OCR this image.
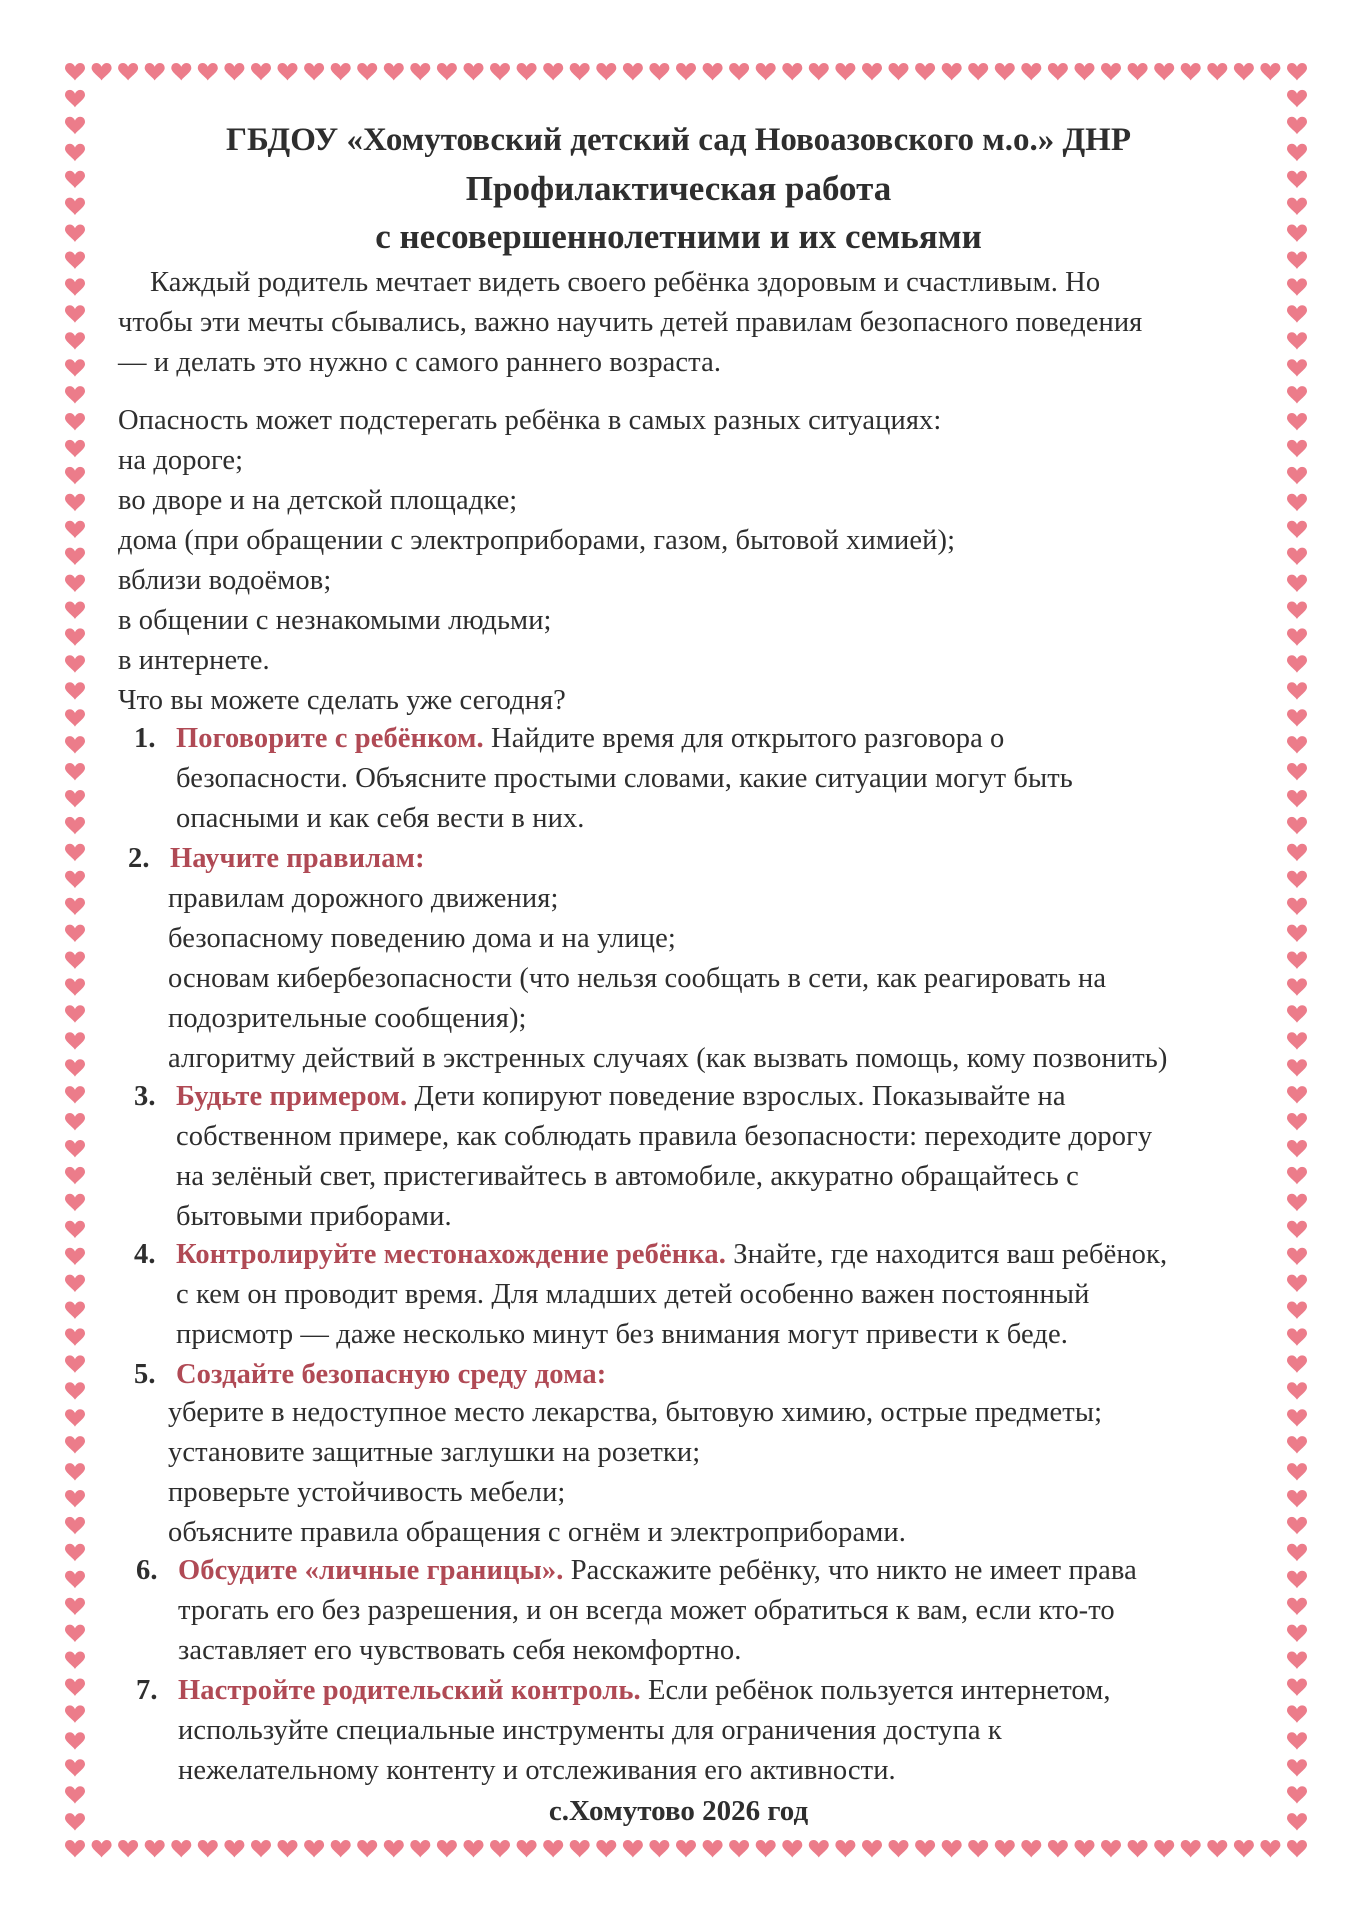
ГБДОУ «Хомутовский детский сад Новоазовского м.о.» ДНР
Профилактическая работа
с несовершеннолетними и их семьями
Каждый родитель мечтает видеть своего ребёнка здоровым и счастливым. Но
чтобы эти мечты сбывались, важно научить детей правилам безопасного поведения
— и делать это нужно с самого раннего возраста.
Опасность может подстерегать ребёнка в самых разных ситуациях:
на дороге;
во дворе и на детской площадке;
дома (при обращении с электроприборами, газом, бытовой химией);
вблизи водоёмов;
в общении с незнакомыми людьми;
в интернете.
Что вы можете сделать уже сегодня?
1. Поговорите с ребёнком. Найдите время для открытого разговора о
безопасности. Объясните простыми словами, какие ситуации могут быть
опасными и как себя вести в них.
2. Научите правилам:
правилам дорожного движения;
безопасному поведению дома и на улице;
основам кибербезопасности (что нельзя сообщать в сети, как реагировать на
подозрительные сообщения);
алгоритму действий в экстренных случаях (как вызвать помощь, кому позвонить)
3. Будьте примером. Дети копируют поведение взрослых. Показывайте на
собственном примере, как соблюдать правила безопасности: переходите дорогу
на зелёный свет, пристегивайтесь в автомобиле, аккуратно обращайтесь с
бытовыми приборами.
4. Контролируйте местонахождение ребёнка. Знайте, где находится ваш ребёнок,
с кем он проводит время. Для младших детей особенно важен постоянный
присмотр — даже несколько минут без внимания могут привести к беде.
5. Создайте безопасную среду дома:
уберите в недоступное место лекарства, бытовую химию, острые предметы;
установите защитные заглушки на розетки;
проверьте устойчивость мебели;
объясните правила обращения с огнём и электроприборами.
6. Обсудите «личные границы». Расскажите ребёнку, что никто не имеет права
трогать его без разрешения, и он всегда может обратиться к вам, если кто-то
заставляет его чувствовать себя некомфортно.
7. Настройте родительский контроль. Если ребёнок пользуется интернетом,
используйте специальные инструменты для ограничения доступа к
нежелательному контенту и отслеживания его активности.
с.Хомутово 2026 год
